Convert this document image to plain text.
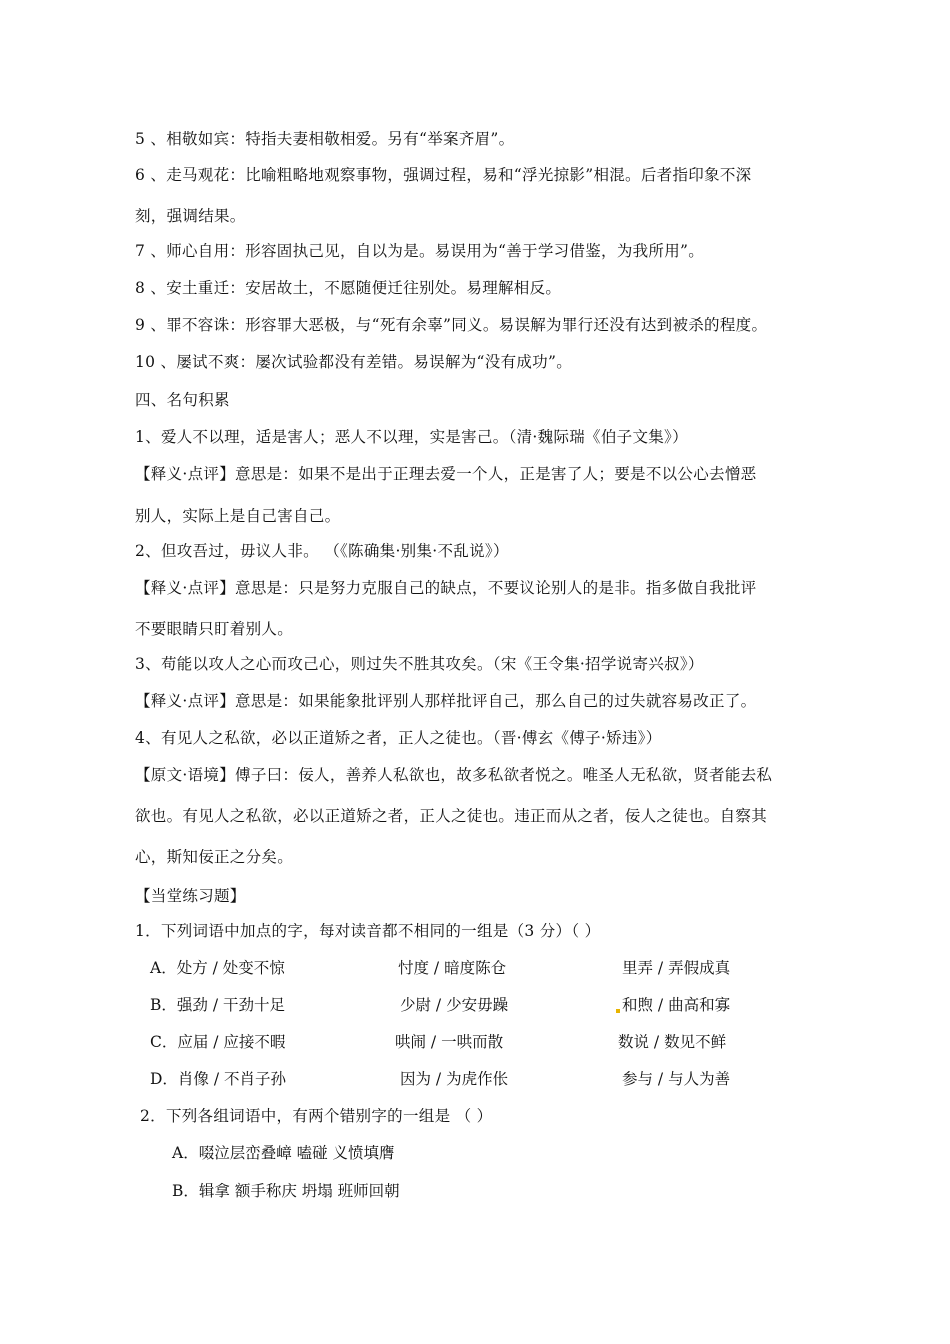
5 、相敬如宾：特指夫妻相敬相爱。另有“举案齐眉”。
6 、走马观花：比喻粗略地观察事物，强调过程，易和“浮光掠影”相混。后者指印象不深
刻，强调结果。
7 、师心自用：形容固执己见，自以为是。易误用为“善于学习借鉴，为我所用”。
8 、安土重迁：安居故土，不愿随便迁往别处。易理解相反。
9 、罪不容诛：形容罪大恶极，与“死有余辜”同义。易误解为罪行还没有达到被杀的程度。
10 、屡试不爽：屡次试验都没有差错。易误解为“没有成功”。
四、名句积累
1、爱人不以理，适是害人；恶人不以理，实是害己。（清·魏际瑞《伯子文集》）
【释义·点评】意思是：如果不是出于正理去爱一个人，正是害了人；要是不以公心去憎恶
别人，实际上是自己害自己。
2、但攻吾过，毋议人非。 （《陈确集·别集·不乱说》）
【释义·点评】意思是：只是努力克服自己的缺点，不要议论别人的是非。指多做自我批评
不要眼睛只盯着别人。
3、苟能以攻人之心而攻己心，则过失不胜其攻矣。（宋《王令集·招学说寄兴叔》）
【释义·点评】意思是：如果能象批评别人那样批评自己，那么自己的过失就容易改正了。
4、有见人之私欲，必以正道矫之者，正人之徒也。（晋·傅玄《傅子·矫违》）
【原文·语境】傅子曰：佞人，善养人私欲也，故多私欲者悦之。唯圣人无私欲，贤者能去私
欲也。有见人之私欲，必以正道矫之者，正人之徒也。违正而从之者，佞人之徒也。自察其
心，斯知佞正之分矣。
【当堂练习题】
1．下列词语中加点的字，每对读音都不相同的一组是（3 分）（ ）
A．处方 / 处变不惊	忖度 / 暗度陈仓	里弄 / 弄假成真
B．强劲 / 干劲十足	少尉 / 少安毋躁	和煦 / 曲高和寡
C．应届 / 应接不暇	哄闹 / 一哄而散	数说 / 数见不鲜
D．肖像 / 不肖子孙	因为 / 为虎作伥	参与 / 与人为善
2．下列各组词语中，有两个错别字的一组是 （ ）
A．啜泣层峦叠嶂 嗑碰 义愤填膺
B．辑拿 额手称庆 坍塌 班师回朝
